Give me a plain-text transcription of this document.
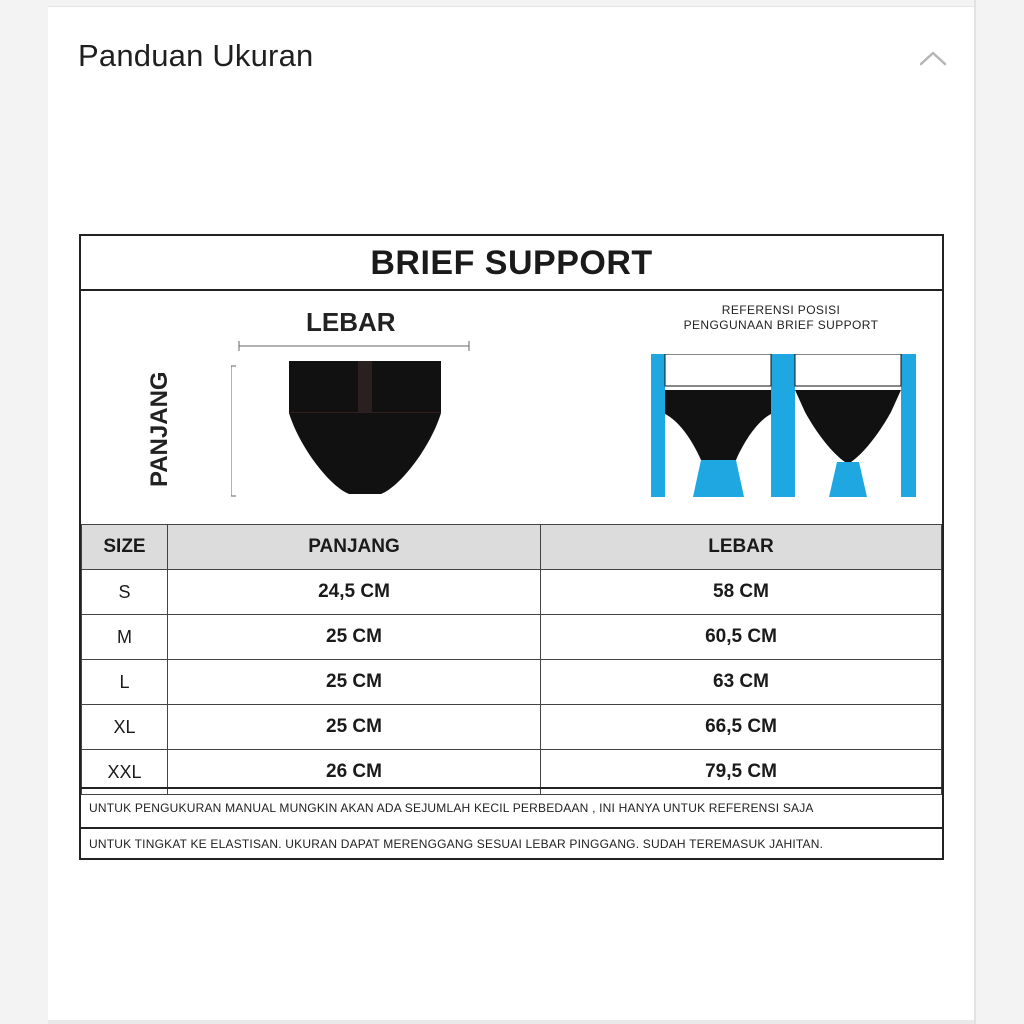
Panduan Ukuran
BRIEF SUPPORT
LEBAR
PANJANG
REFERENSI POSISI
PENGGUNAAN BRIEF SUPPORT
SIZE	PANJANG	LEBAR
S	24,5 CM	58 CM
M	25 CM	60,5 CM
L	25 CM	63 CM
XL	25 CM	66,5 CM
XXL	26 CM	79,5 CM
UNTUK PENGUKURAN MANUAL MUNGKIN AKAN ADA SEJUMLAH KECIL PERBEDAAN , INI HANYA UNTUK REFERENSI SAJA
UNTUK TINGKAT KE ELASTISAN. UKURAN DAPAT MERENGGANG SESUAI LEBAR PINGGANG. SUDAH TEREMASUK JAHITAN.
